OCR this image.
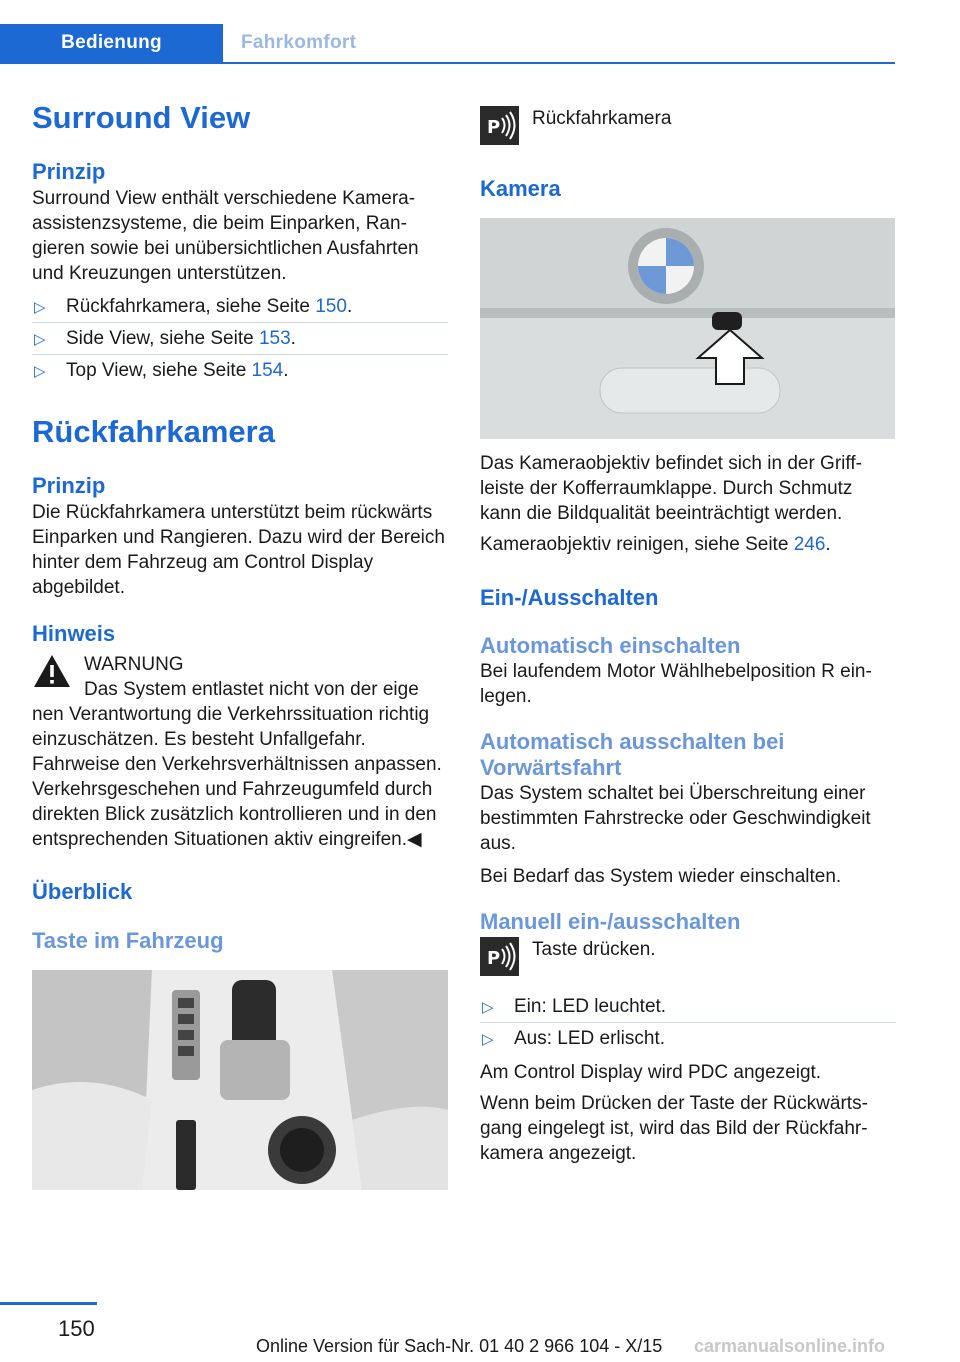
Bedienung	Fahrkomfort
Surround View
Prinzip

Surround View enthält verschiedene Kameraassistenzsysteme, die beim Einparken, Rangieren sowie bei unübersichtlichen Ausfahrten und Kreuzungen unterstützen.

▷ Rückfahrkamera, siehe Seite 150.
▷ Side View, siehe Seite 153.
▷ Top View, siehe Seite 154.
Rückfahrkamera
Prinzip

Die Rückfahrkamera unterstützt beim rückwärts Einparken und Rangieren. Dazu wird der Bereich hinter dem Fahrzeug am Control Display abgebildet.

Hinweis

WARNUNG

Das System entlastet nicht von der eige

nen Verantwortung die Verkehrssituation richtig einzuschätzen. Es besteht Unfallgefahr. Fahrweise den Verkehrsverhältnissen anpassen. Verkehrsgeschehen und Fahrzeugumfeld durch direkten Blick zusätzlich kontrollieren und in den entsprechenden Situationen aktiv eingreifen.◀

Überblick
Taste im Fahrzeug
P	Rückfahrkamera

Kamera

Das Kameraobjektiv befindet sich in der Griffleiste der Kofferraumklappe. Durch Schmutz kann die Bildqualität beeinträchtigt werden.

Kameraobjektiv reinigen, siehe Seite 246.

Ein-/Ausschalten
Automatisch einschalten

Bei laufendem Motor Wählhebelposition R einlegen.

Automatisch ausschalten bei Vorwärtsfahrt

Das System schaltet bei Überschreitung einer bestimmten Fahrstrecke oder Geschwindigkeit aus.

Bei Bedarf das System wieder einschalten.

Manuell ein-/ausschalten
P	Taste drücken.

▷ Ein: LED leuchtet.
▷ Aus: LED erlischt.

Am Control Display wird PDC angezeigt.

Wenn beim Drücken der Taste der Rückwärtsgang eingelegt ist, wird das Bild der Rückfahrkamera angezeigt.

150
Online Version für Sach-Nr. 01 40 2 966 104 - X/15 carmanualsonline.info
